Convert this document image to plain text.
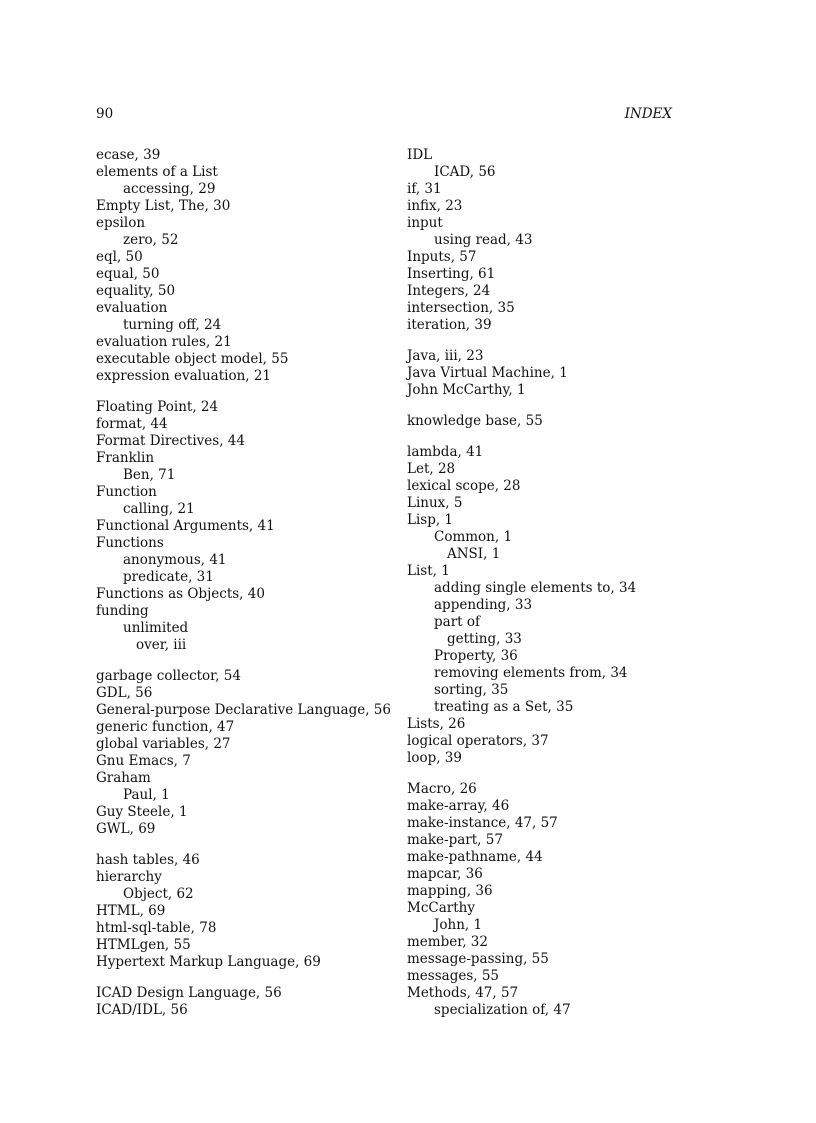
90	INDEX
ecase, 39
elements of a List
accessing, 29
Empty List, The, 30
epsilon
zero, 52
eql, 50
equal, 50
equality, 50
evaluation
turning off, 24
evaluation rules, 21
executable object model, 55
expression evaluation, 21
Floating Point, 24
format, 44
Format Directives, 44
Franklin
Ben, 71
Function
calling, 21
Functional Arguments, 41
Functions
anonymous, 41
predicate, 31
Functions as Objects, 40
funding
unlimited
over, iii
garbage collector, 54
GDL, 56
General-purpose Declarative Language, 56
generic function, 47
global variables, 27
Gnu Emacs, 7
Graham
Paul, 1
Guy Steele, 1
GWL, 69
hash tables, 46
hierarchy
Object, 62
HTML, 69
html-sql-table, 78
HTMLgen, 55
Hypertext Markup Language, 69
ICAD Design Language, 56
ICAD/IDL, 56
IDL
ICAD, 56
if, 31
infix, 23
input
using read, 43
Inputs, 57
Inserting, 61
Integers, 24
intersection, 35
iteration, 39
Java, iii, 23
Java Virtual Machine, 1
John McCarthy, 1
knowledge base, 55
lambda, 41
Let, 28
lexical scope, 28
Linux, 5
Lisp, 1
Common, 1
ANSI, 1
List, 1
adding single elements to, 34
appending, 33
part of
getting, 33
Property, 36
removing elements from, 34
sorting, 35
treating as a Set, 35
Lists, 26
logical operators, 37
loop, 39
Macro, 26
make-array, 46
make-instance, 47, 57
make-part, 57
make-pathname, 44
mapcar, 36
mapping, 36
McCarthy
John, 1
member, 32
message-passing, 55
messages, 55
Methods, 47, 57
specialization of, 47
